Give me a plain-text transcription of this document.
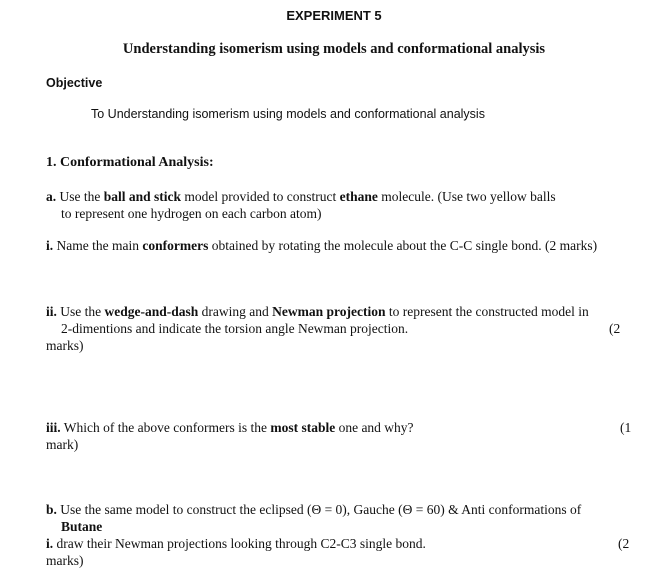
EXPERIMENT 5
Understanding isomerism using models and conformational analysis
Objective
To Understanding isomerism using models and conformational analysis
1. Conformational Analysis:
a. Use the ball and stick model provided to construct ethane molecule. (Use two yellow balls
to represent one hydrogen on each carbon atom)
i. Name the main conformers obtained by rotating the molecule about the C-C single bond. (2 marks)
ii. Use the wedge-and-dash drawing and Newman projection to represent the constructed model in
2-dimentions and indicate the torsion angle Newman projection.	(2
marks)
iii. Which of the above conformers is the most stable one and why?	(1
mark)
b. Use the same model to construct the eclipsed (Θ = 0), Gauche (Θ = 60) & Anti conformations of
Butane
i. draw their Newman projections looking through C2-C3 single bond.	(2
marks)
